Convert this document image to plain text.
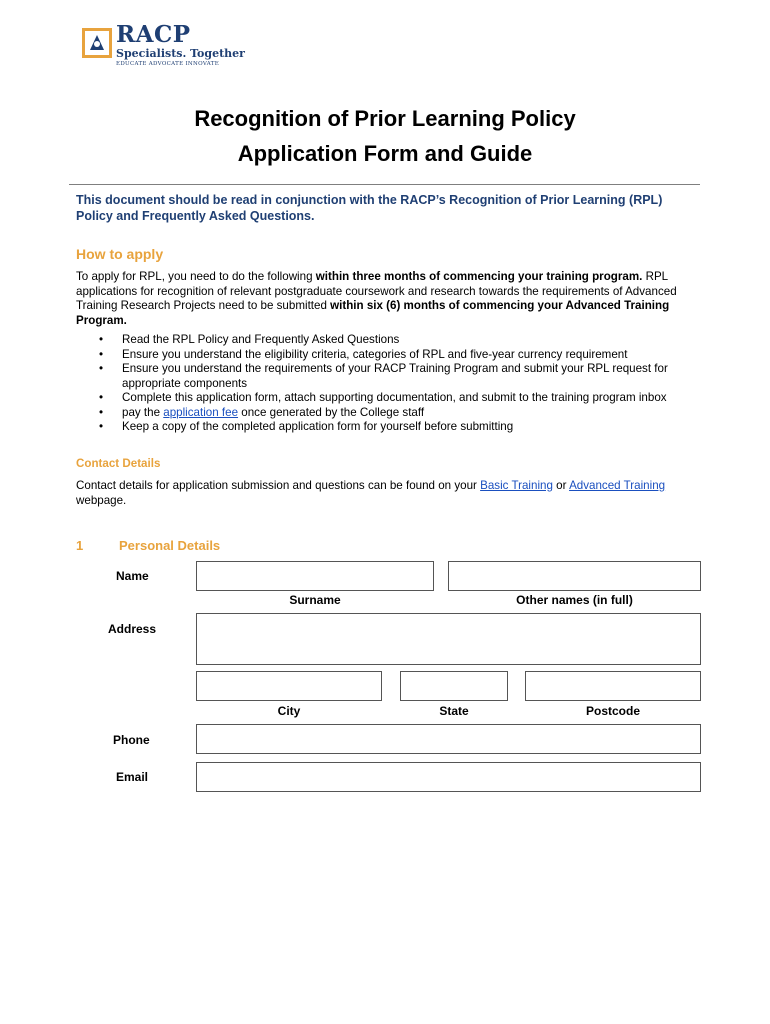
RACP
Specialists. Together
EDUCATE ADVOCATE INNOVATE
Recognition of Prior Learning Policy
Application Form and Guide
This document should be read in conjunction with the RACP’s Recognition of Prior Learning (RPL) Policy and Frequently Asked Questions.
How to apply
To apply for RPL, you need to do the following within three months of commencing your training program. RPL applications for recognition of relevant postgraduate coursework and research towards the requirements of Advanced Training Research Projects need to be submitted within six (6) months of commencing your Advanced Training Program.
• Read the RPL Policy and Frequently Asked Questions
• Ensure you understand the eligibility criteria, categories of RPL and five-year currency requirement
• Ensure you understand the requirements of your RACP Training Program and submit your RPL request for appropriate components
• Complete this application form, attach supporting documentation, and submit to the training program inbox
• pay the application fee once generated by the College staff
• Keep a copy of the completed application form for yourself before submitting
Contact Details
Contact details for application submission and questions can be found on your Basic Training or Advanced Training webpage.
1	Personal Details
Name
Surname	Other names (in full)
Address
City	State	Postcode
Phone
Email
